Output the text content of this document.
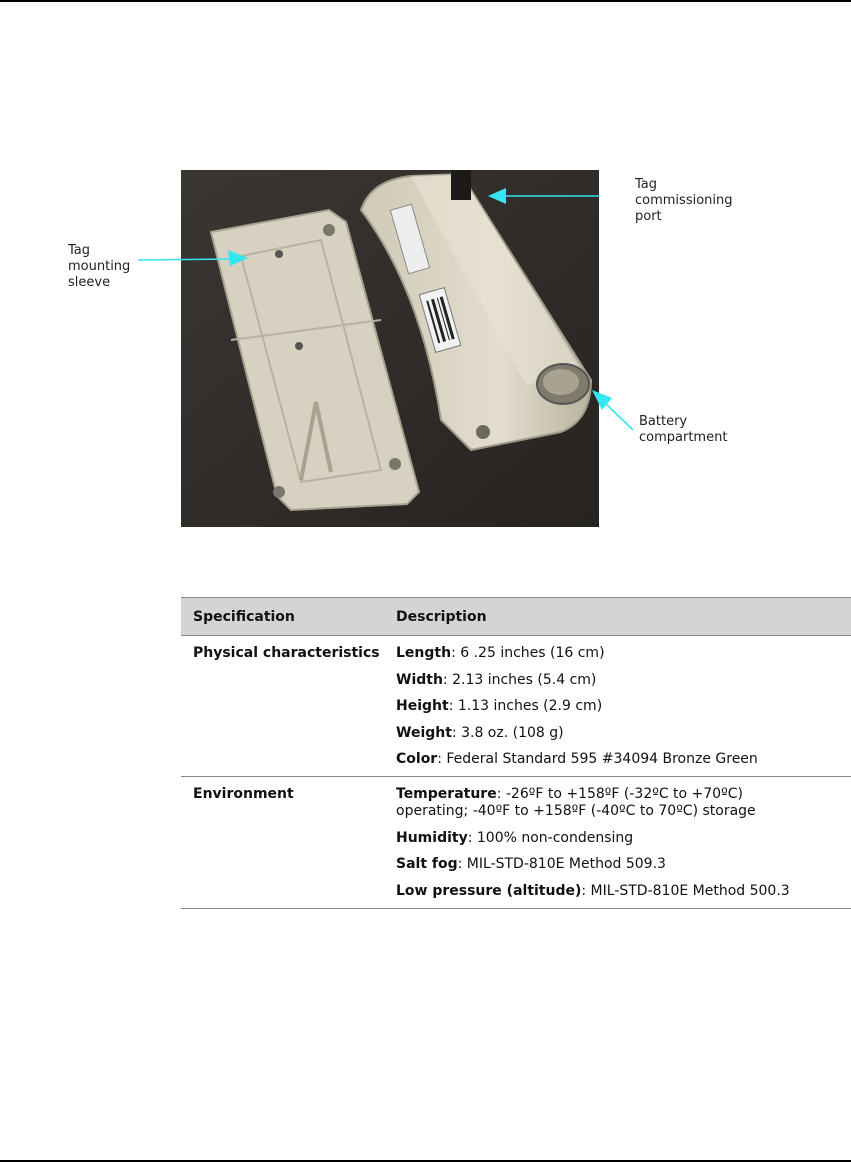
Tag
mounting
sleeve
Tag
commissioning
port
Battery
compartment
Specification	Description
Physical characteristics Length: 6 .25 inches (16 cm)
Width: 2.13 inches (5.4 cm)
Height: 1.13 inches (2.9 cm)
Weight: 3.8 oz. (108 g)
Color: Federal Standard 595 #34094 Bronze Green
Environment	Temperature: -26ºF to +158ºF (-32ºC to +70ºC) operating; -40ºF to +158ºF (-40ºC to 70ºC) storage
Humidity: 100% non-condensing
Salt fog: MIL-STD-810E Method 509.3
Low pressure (altitude): MIL-STD-810E Method 500.3
